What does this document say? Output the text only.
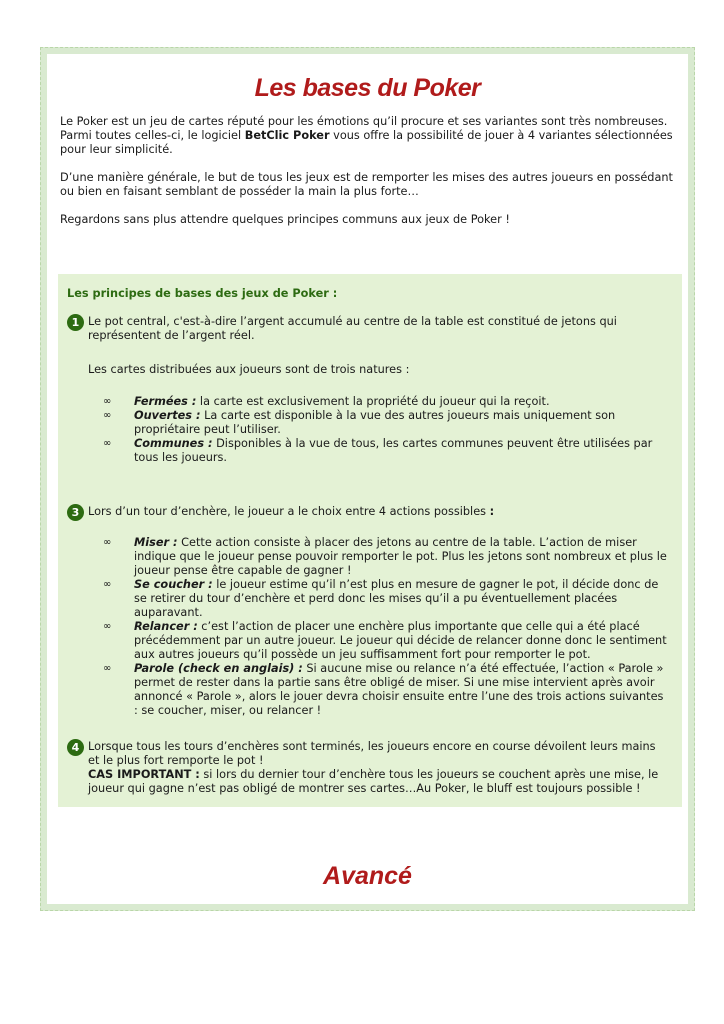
Les bases du Poker

Le Poker est un jeu de cartes réputé pour les émotions qu’il procure et ses variantes sont très nombreuses. Parmi toutes celles-ci, le logiciel BetClic Poker vous offre la possibilité de jouer à 4 variantes sélectionnées pour leur simplicité.

D’une manière générale, le but de tous les jeux est de remporter les mises des autres joueurs en possédant ou bien en faisant semblant de posséder la main la plus forte…

Regardons sans plus attendre quelques principes communs aux jeux de Poker !

Les principes de bases des jeux de Poker :
1 Le pot central, c'est-à-dire l’argent accumulé au centre de la table est constitué de jetons qui représentent de l’argent réel.

Les cartes distribuées aux joueurs sont de trois natures :

∞	Fermées : la carte est exclusivement la propriété du joueur qui la reçoit.
∞	Ouvertes : La carte est disponible à la vue des autres joueurs mais uniquement son propriétaire peut l’utiliser.
∞	Communes : Disponibles à la vue de tous, les cartes communes peuvent être utilisées par tous les joueurs.
3 Lors d’un tour d’enchère, le joueur a le choix entre 4 actions possibles :

∞	Miser : Cette action consiste à placer des jetons au centre de la table. L’action de miser indique que le joueur pense pouvoir remporter le pot. Plus les jetons sont nombreux et plus le joueur pense être capable de gagner !
∞	Se coucher : le joueur estime qu’il n’est plus en mesure de gagner le pot, il décide donc de se retirer du tour d’enchère et perd donc les mises qu’il a pu éventuellement placées auparavant.
∞	Relancer : c’est l’action de placer une enchère plus importante que celle qui a été placé précédemment par un autre joueur. Le joueur qui décide de relancer donne donc le sentiment aux autres joueurs qu’il possède un jeu suffisamment fort pour remporter le pot.
∞	Parole (check en anglais) : Si aucune mise ou relance n’a été effectuée, l’action « Parole » permet de rester dans la partie sans être obligé de miser. Si une mise intervient après avoir annoncé « Parole », alors le jouer devra choisir ensuite entre l’une des trois actions suivantes : se coucher, miser, ou relancer !
4 Lorsque tous les tours d’enchères sont terminés, les joueurs encore en course dévoilent leurs mains et le plus fort remporte le pot !

CAS IMPORTANT : si lors du dernier tour d’enchère tous les joueurs se couchent après une mise, le joueur qui gagne n’est pas obligé de montrer ses cartes…Au Poker, le bluff est toujours possible !

Avancé
